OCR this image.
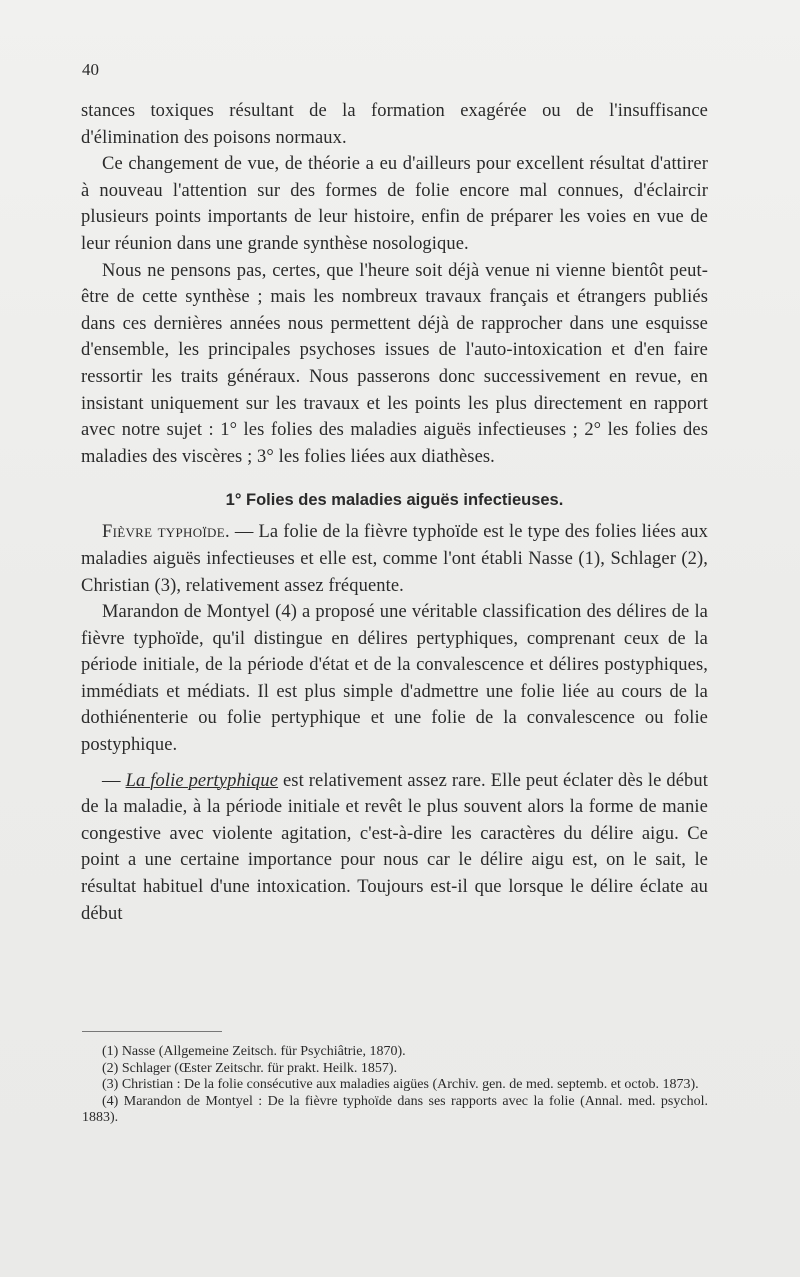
40

stances toxiques résultant de la formation exagérée ou de l'insuffisance d'élimination des poisons normaux.

Ce changement de vue, de théorie a eu d'ailleurs pour excellent résultat d'attirer à nouveau l'attention sur des formes de folie encore mal connues, d'éclaircir plusieurs points importants de leur histoire, enfin de préparer les voies en vue de leur réunion dans une grande synthèse nosologique.

Nous ne pensons pas, certes, que l'heure soit déjà venue ni vienne bientôt peut-être de cette synthèse ; mais les nombreux travaux français et étrangers publiés dans ces dernières années nous permettent déjà de rapprocher dans une esquisse d'ensemble, les principales psychoses issues de l'auto-intoxication et d'en faire ressortir les traits généraux. Nous passerons donc successivement en revue, en insistant uniquement sur les travaux et les points les plus directement en rapport avec notre sujet : 1° les folies des maladies aiguës infectieuses ; 2° les folies des maladies des viscères ; 3° les folies liées aux diathèses.

1° Folies des maladies aiguës infectieuses.

Fièvre typhoïde. — La folie de la fièvre typhoïde est le type des folies liées aux maladies aiguës infectieuses et elle est, comme l'ont établi Nasse (1), Schlager (2), Christian (3), relativement assez fréquente.

Marandon de Montyel (4) a proposé une véritable classification des délires de la fièvre typhoïde, qu'il distingue en délires pertyphiques, comprenant ceux de la période initiale, de la période d'état et de la convalescence et délires postyphiques, immédiats et médiats. Il est plus simple d'admettre une folie liée au cours de la dothiénenterie ou folie pertyphique et une folie de la convalescence ou folie postyphique.

— La folie pertyphique est relativement assez rare. Elle peut éclater dès le début de la maladie, à la période initiale et revêt le plus souvent alors la forme de manie congestive avec violente agitation, c'est-à-dire les caractères du délire aigu. Ce point a une certaine importance pour nous car le délire aigu est, on le sait, le résultat habituel d'une intoxication. Toujours est-il que lorsque le délire éclate au début

(1) Nasse (Allgemeine Zeitsch. für Psychiâtrie, 1870).

(2) Schlager (Œster Zeitschr. für prakt. Heilk. 1857).

(3) Christian : De la folie consécutive aux maladies aigües (Archiv. gen. de med. septemb. et octob. 1873).

(4) Marandon de Montyel : De la fièvre typhoïde dans ses rapports avec la folie (Annal. med. psychol. 1883).
